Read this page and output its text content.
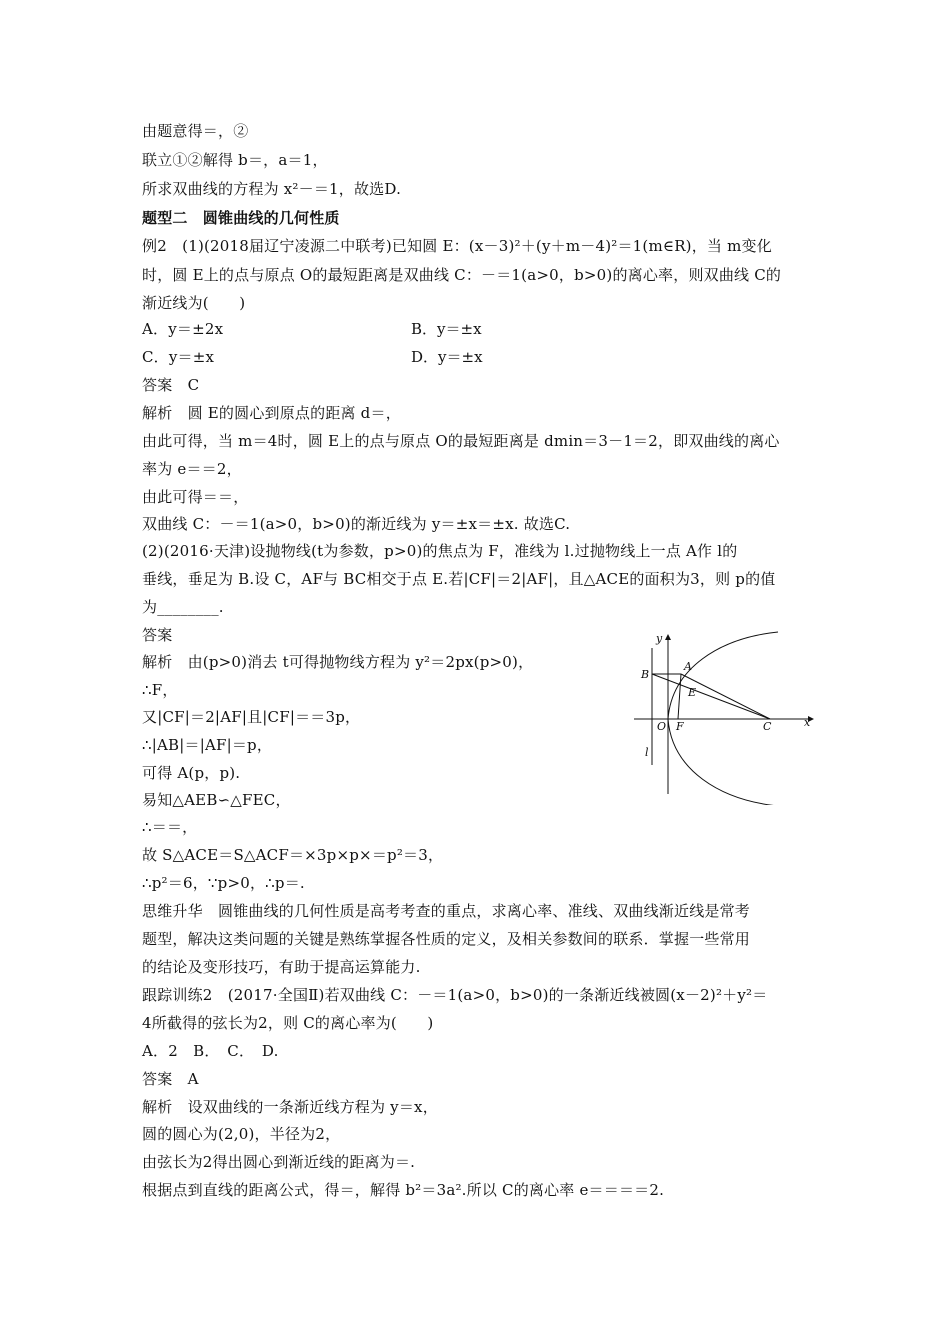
由题意得＝，②
联立①②解得 b＝，a＝1，
所求双曲线的方程为 x²－＝1，故选D.
题型二　圆锥曲线的几何性质
例2　(1)(2018届辽宁凌源二中联考)已知圆 E：(x－3)²＋(y＋m－4)²＝1(m∈R)，当 m变化
时，圆 E上的点与原点 O的最短距离是双曲线 C：－＝1(a>0，b>0)的离心率，则双曲线 C的
渐近线为(　　)
A．y＝±2x	B．y＝±x
C．y＝±x	D．y＝±x
答案　C
解析　圆 E的圆心到原点的距离 d＝，
由此可得，当 m＝4时，圆 E上的点与原点 O的最短距离是 dmin＝3－1＝2，即双曲线的离心
率为 e＝＝2，
由此可得＝＝，
双曲线 C：－＝1(a>0，b>0)的渐近线为 y＝±x＝±x. 故选C.
(2)(2016·天津)设抛物线(t为参数，p>0)的焦点为 F，准线为 l.过抛物线上一点 A作 l的
垂线，垂足为 B.设 C，AF与 BC相交于点 E.若|CF|＝2|AF|，且△ACE的面积为3，则 p的值
为________.
答案
解析　由(p>0)消去 t可得抛物线方程为 y²＝2px(p>0)，
∴F，
又|CF|＝2|AF|且|CF|＝＝3p，
∴|AB|＝|AF|＝p，
可得 A(p，p).
易知△AEB∽△FEC，
∴＝＝，
故 S△ACE＝S△ACF＝×3p×p×＝p²＝3，
∴p²＝6，∵p>0，∴p＝.
思维升华　圆锥曲线的几何性质是高考考查的重点，求离心率、准线、双曲线渐近线是常考
题型，解决这类问题的关键是熟练掌握各性质的定义，及相关参数间的联系．掌握一些常用
的结论及变形技巧，有助于提高运算能力.
跟踪训练2　(2017·全国Ⅱ)若双曲线 C：－＝1(a>0，b>0)的一条渐近线被圆(x－2)²＋y²＝
4所截得的弦长为2，则 C的离心率为(　　)
A．2　B．　C．　D.
答案　A
解析　设双曲线的一条渐近线方程为 y＝x，
圆的圆心为(2,0)，半径为2，
由弦长为2得出圆心到渐近线的距离为＝.
根据点到直线的距离公式，得＝，解得 b²＝3a².所以 C的离心率 e＝＝＝＝2.
y
x
B
A
E
O F	C
l
